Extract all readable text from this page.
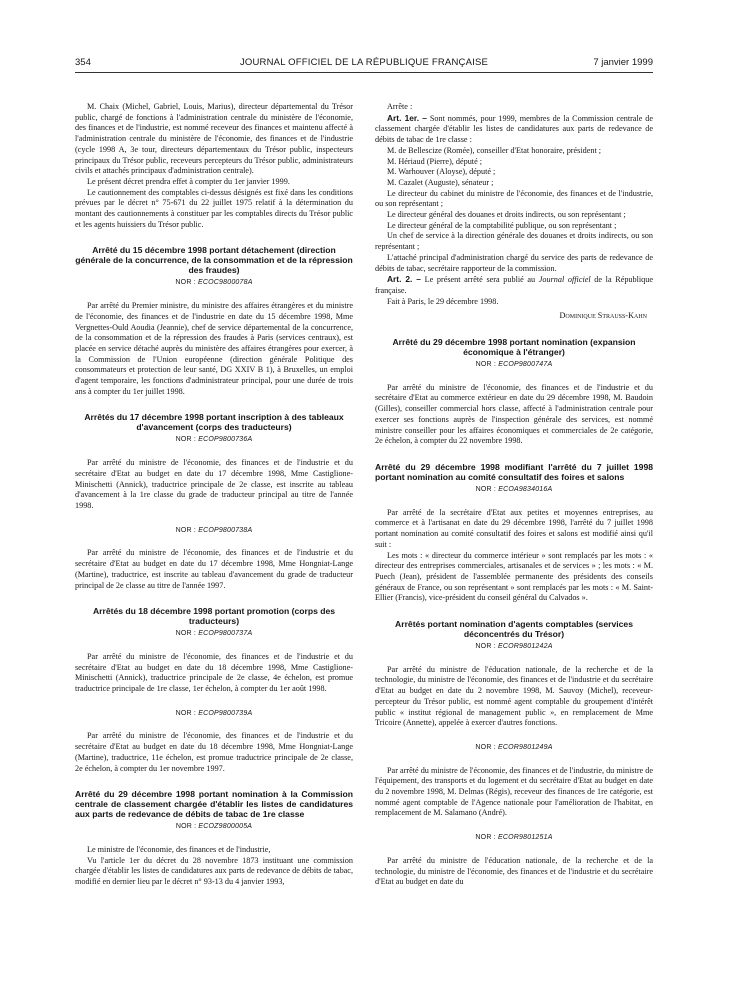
354	JOURNAL OFFICIEL DE LA RÉPUBLIQUE FRANÇAISE	7 janvier 1999

M. Chaix (Michel, Gabriel, Louis, Marius), directeur départemental du Trésor public, chargé de fonctions à l'administration centrale du ministère de l'économie, des finances et de l'industrie, est nommé receveur des finances et maintenu affecté à l'administration centrale du ministère de l'économie, des finances et de l'industrie (cycle 1998 A, 3e tour, directeurs départementaux du Trésor public, inspecteurs principaux du Trésor public, receveurs percepteurs du Trésor public, administrateurs civils et attachés principaux d'administration centrale).

Le présent décret prendra effet à compter du 1er janvier 1999.

Le cautionnement des comptables ci-dessus désignés est fixé dans les conditions prévues par le décret n° 75-671 du 22 juillet 1975 relatif à la détermination du montant des cautionnements à constituer par les comptables directs du Trésor public et les agents huissiers du Trésor public.

Arrêté du 15 décembre 1998 portant détachement (direction générale de la concurrence, de la consommation et de la répression des fraudes)
NOR : ECOC9800078A

Par arrêté du Premier ministre, du ministre des affaires étrangères et du ministre de l'économie, des finances et de l'industrie en date du 15 décembre 1998, Mme Vergnettes-Ould Aoudia (Jeannie), chef de service départemental de la concurrence, de la consommation et de la répression des fraudes à Paris (services centraux), est placée en service détaché auprès du ministère des affaires étrangères pour exercer, à la Commission de l'Union européenne (direction générale Politique des consommateurs et protection de leur santé, DG XXIV B 1), à Bruxelles, un emploi d'agent temporaire, les fonctions d'administrateur principal, pour une durée de trois ans à compter du 1er juillet 1998.

Arrêtés du 17 décembre 1998 portant inscription à des tableaux d'avancement (corps des traducteurs)
NOR : ECOP9800736A

Par arrêté du ministre de l'économie, des finances et de l'industrie et du secrétaire d'Etat au budget en date du 17 décembre 1998, Mme Castiglione-Minischetti (Annick), traductrice principale de 2e classe, est inscrite au tableau d'avancement à la 1re classe du grade de traducteur principal au titre de l'année 1998.

NOR : ECOP9800738A

Par arrêté du ministre de l'économie, des finances et de l'industrie et du secrétaire d'Etat au budget en date du 17 décembre 1998, Mme Hongniat-Lange (Martine), traductrice, est inscrite au tableau d'avancement du grade de traducteur principal de 2e classe au titre de l'année 1997.

Arrêtés du 18 décembre 1998 portant promotion (corps des traducteurs)
NOR : ECOP9800737A

Par arrêté du ministre de l'économie, des finances et de l'industrie et du secrétaire d'Etat au budget en date du 18 décembre 1998, Mme Castiglione-Minischetti (Annick), traductrice principale de 2e classe, 4e échelon, est promue traductrice principale de 1re classe, 1er échelon, à compter du 1er août 1998.

NOR : ECOP9800739A

Par arrêté du ministre de l'économie, des finances et de l'industrie et du secrétaire d'Etat au budget en date du 18 décembre 1998, Mme Hongniat-Lange (Martine), traductrice, 11e échelon, est promue traductrice principale de 2e classe, 2e échelon, à compter du 1er novembre 1997.

Arrêté du 29 décembre 1998 portant nomination à la Commission centrale de classement chargée d'établir les listes de candidatures aux parts de redevance de débits de tabac de 1re classe
NOR : ECOZ9800005A

Le ministre de l'économie, des finances et de l'industrie,

Vu l'article 1er du décret du 28 novembre 1873 instituant une commission chargée d'établir les listes de candidatures aux parts de redevance de débits de tabac, modifié en dernier lieu par le décret n° 93-13 du 4 janvier 1993,

Arrête :

Art. 1er. – Sont nommés, pour 1999, membres de la Commission centrale de classement chargée d'établir les listes de candidatures aux parts de redevance de débits de tabac de 1re classe :

M. de Bellescize (Romée), conseiller d'Etat honoraire, président ;

M. Hériaud (Pierre), député ;

M. Warhouver (Aloyse), député ;

M. Cazalet (Auguste), sénateur ;

Le directeur du cabinet du ministre de l'économie, des finances et de l'industrie, ou son représentant ;

Le directeur général des douanes et droits indirects, ou son représentant ;

Le directeur général de la comptabilité publique, ou son représentant ;

Un chef de service à la direction générale des douanes et droits indirects, ou son représentant ;

L'attaché principal d'administration chargé du service des parts de redevance de débits de tabac, secrétaire rapporteur de la commission.

Art. 2. – Le présent arrêté sera publié au Journal officiel de la République française.

Fait à Paris, le 29 décembre 1998.

Dominique Strauss-Kahn
Arrêté du 29 décembre 1998 portant nomination (expansion économique à l'étranger)
NOR : ECOP9800747A

Par arrêté du ministre de l'économie, des finances et de l'industrie et du secrétaire d'Etat au commerce extérieur en date du 29 décembre 1998, M. Baudoin (Gilles), conseiller commercial hors classe, affecté à l'administration centrale pour exercer ses fonctions auprès de l'inspection générale des services, est nommé ministre conseiller pour les affaires économiques et commerciales de 2e catégorie, 2e échelon, à compter du 22 novembre 1998.

Arrêté du 29 décembre 1998 modifiant l'arrêté du 7 juillet 1998 portant nomination au comité consultatif des foires et salons
NOR : ECOA9834016A

Par arrêté de la secrétaire d'Etat aux petites et moyennes entreprises, au commerce et à l'artisanat en date du 29 décembre 1998, l'arrêté du 7 juillet 1998 portant nomination au comité consultatif des foires et salons est modifié ainsi qu'il suit :

Les mots : « directeur du commerce intérieur » sont remplacés par les mots : « directeur des entreprises commerciales, artisanales et de services » ; les mots : « M. Puech (Jean), président de l'assemblée permanente des présidents des conseils généraux de France, ou son représentant » sont remplacés par les mots : « M. Saint-Ellier (Francis), vice-président du conseil général du Calvados ».

Arrêtés portant nomination d'agents comptables (services déconcentrés du Trésor)
NOR : ECOR9801242A

Par arrêté du ministre de l'éducation nationale, de la recherche et de la technologie, du ministre de l'économie, des finances et de l'industrie et du secrétaire d'Etat au budget en date du 2 novembre 1998, M. Sauvoy (Michel), receveur-percepteur du Trésor public, est nommé agent comptable du groupement d'intérêt public « institut régional de management public », en remplacement de Mme Tricoire (Annette), appelée à exercer d'autres fonctions.

NOR : ECOR9801249A

Par arrêté du ministre de l'économie, des finances et de l'industrie, du ministre de l'équipement, des transports et du logement et du secrétaire d'Etat au budget en date du 2 novembre 1998, M. Delmas (Régis), receveur des finances de 1re catégorie, est nommé agent comptable de l'Agence nationale pour l'amélioration de l'habitat, en remplacement de M. Salamano (André).

NOR : ECOR9801251A

Par arrêté du ministre de l'éducation nationale, de la recherche et de la technologie, du ministre de l'économie, des finances et de l'industrie et du secrétaire d'Etat au budget en date du
